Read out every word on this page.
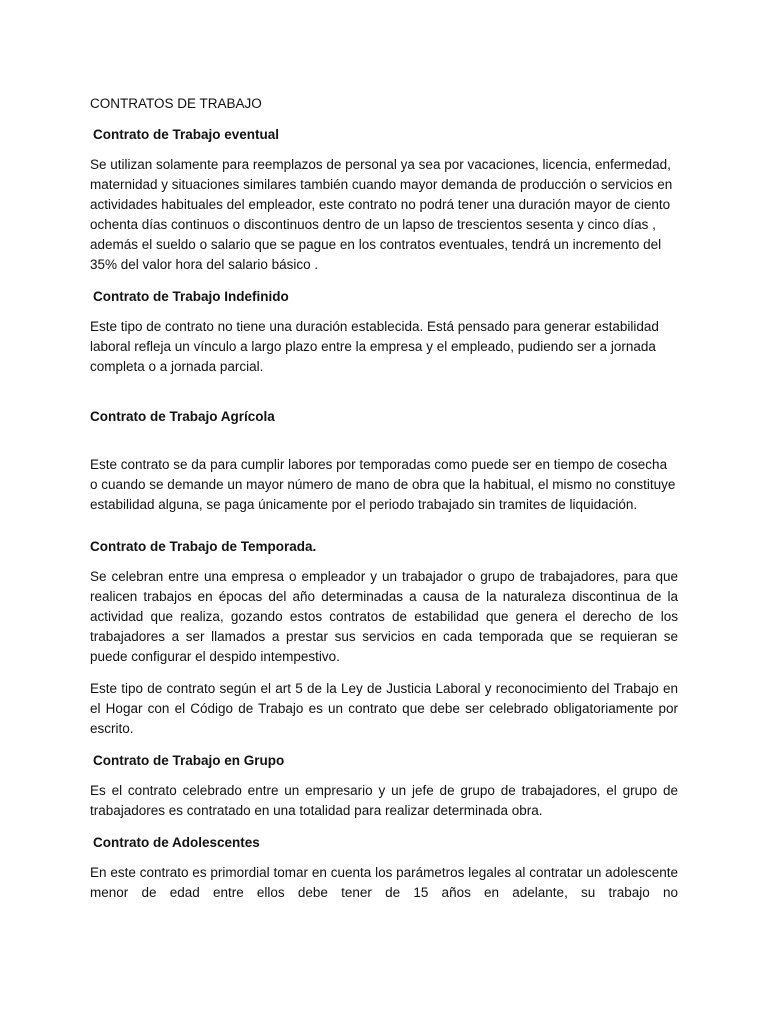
CONTRATOS DE TRABAJO
Contrato de Trabajo eventual

Se utilizan solamente para reemplazos de personal ya sea por vacaciones, licencia, enfermedad, maternidad y situaciones similares también cuando mayor demanda de producción o servicios en actividades habituales del empleador, este contrato no podrá tener una duración mayor de ciento ochenta días continuos o discontinuos dentro de un lapso de trescientos sesenta y cinco días , además el sueldo o salario que se pague en los contratos eventuales, tendrá un incremento del 35% del valor hora del salario básico .

Contrato de Trabajo Indefinido

Este tipo de contrato no tiene una duración establecida. Está pensado para generar estabilidad laboral refleja un vínculo a largo plazo entre la empresa y el empleado, pudiendo ser a jornada completa o a jornada parcial.

Contrato de Trabajo Agrícola

Este contrato se da para cumplir labores por temporadas como puede ser en tiempo de cosecha o cuando se demande un mayor número de mano de obra que la habitual, el mismo no constituye estabilidad alguna, se paga únicamente por el periodo trabajado sin tramites de liquidación.

Contrato de Trabajo de Temporada.

Se celebran entre una empresa o empleador y un trabajador o grupo de trabajadores, para que realicen trabajos en épocas del año determinadas a causa de la naturaleza discontinua de la actividad que realiza, gozando estos contratos de estabilidad que genera el derecho de los trabajadores a ser llamados a prestar sus servicios en cada temporada que se requieran se puede configurar el despido intempestivo.

Este tipo de contrato según el art 5 de la Ley de Justicia Laboral y reconocimiento del Trabajo en el Hogar con el Código de Trabajo es un contrato que debe ser celebrado obligatoriamente por escrito.

Contrato de Trabajo en Grupo

Es el contrato celebrado entre un empresario y un jefe de grupo de trabajadores, el grupo de trabajadores es contratado en una totalidad para realizar determinada obra.

Contrato de Adolescentes

En este contrato es primordial tomar en cuenta los parámetros legales al contratar un adolescente menor de edad entre ellos debe tener de 15 años en adelante, su trabajo no
